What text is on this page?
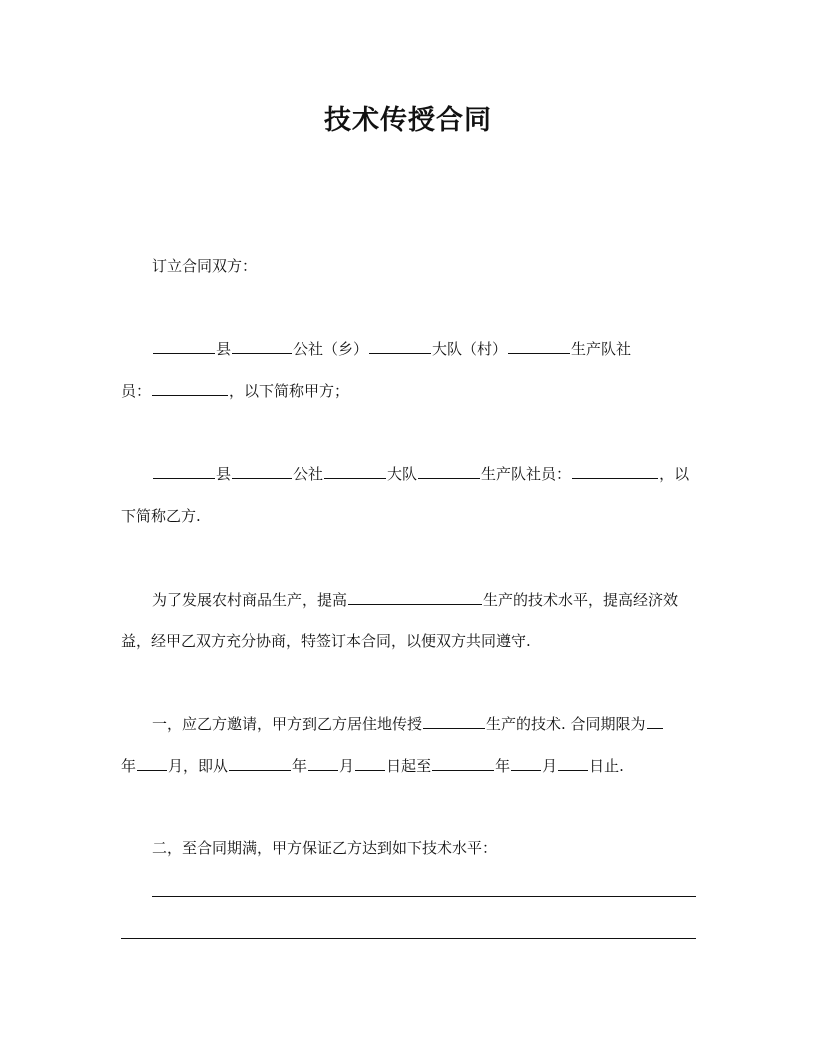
技术传授合同
订立合同双方：
县	公社（乡）	大队（村）	生产队社
员：	，以下简称甲方；
县	公社	大队	生产队社员：	，以
下简称乙方.
为了发展农村商品生产，提高	生产的技术水平，提高经济效
益，经甲乙双方充分协商，特签订本合同，以便双方共同遵守.
一，应乙方邀请，甲方到乙方居住地传授	生产的技术. 合同期限为
年 月，即从	年 月 日起至	年 月 日止.
二，至合同期满，甲方保证乙方达到如下技术水平：
